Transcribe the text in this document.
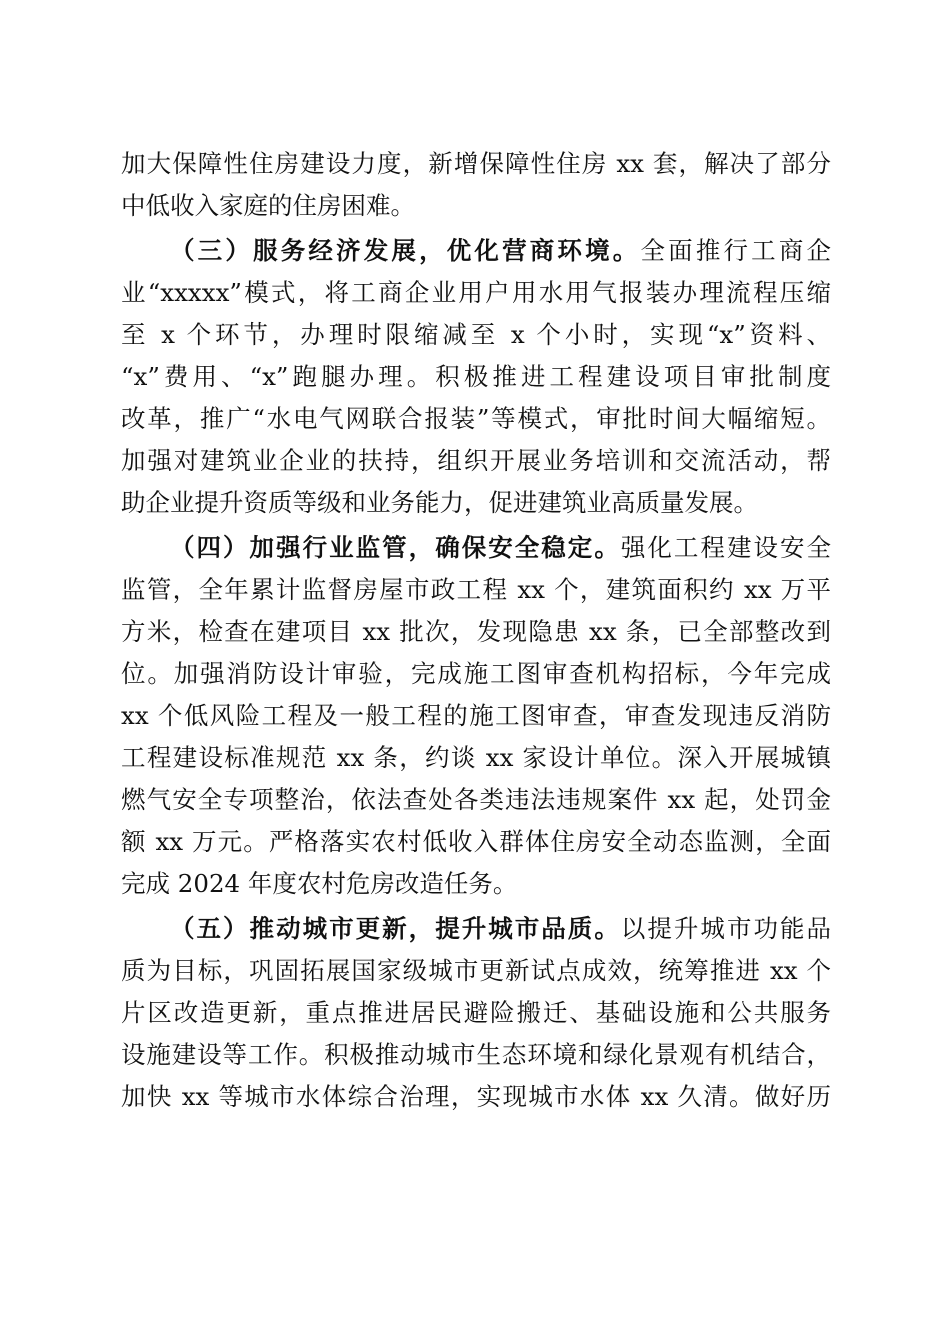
加大保障性住房建设力度，新增保障性住房 xx 套，解决了部分
中低收入家庭的住房困难。
（三）服务经济发展，优化营商环境。全面推行工商企
业“xxxxx”模式，将工商企业用户用水用气报装办理流程压缩
至 x 个环节，办理时限缩减至 x 个小时，实现“x”资料、
“x”费用、“x”跑腿办理。积极推进工程建设项目审批制度
改革，推广“水电气网联合报装”等模式，审批时间大幅缩短。
加强对建筑业企业的扶持，组织开展业务培训和交流活动，帮
助企业提升资质等级和业务能力，促进建筑业高质量发展。
（四）加强行业监管，确保安全稳定。强化工程建设安全
监管，全年累计监督房屋市政工程 xx 个，建筑面积约 xx 万平
方米，检查在建项目 xx 批次，发现隐患 xx 条，已全部整改到
位。加强消防设计审验，完成施工图审查机构招标，今年完成
xx 个低风险工程及一般工程的施工图审查，审查发现违反消防
工程建设标准规范 xx 条，约谈 xx 家设计单位。深入开展城镇
燃气安全专项整治，依法查处各类违法违规案件 xx 起，处罚金
额 xx 万元。严格落实农村低收入群体住房安全动态监测，全面
完成 2024 年度农村危房改造任务。
（五）推动城市更新，提升城市品质。以提升城市功能品
质为目标，巩固拓展国家级城市更新试点成效，统筹推进 xx 个
片区改造更新，重点推进居民避险搬迁、基础设施和公共服务
设施建设等工作。积极推动城市生态环境和绿化景观有机结合，
加快 xx 等城市水体综合治理，实现城市水体 xx 久清。做好历
